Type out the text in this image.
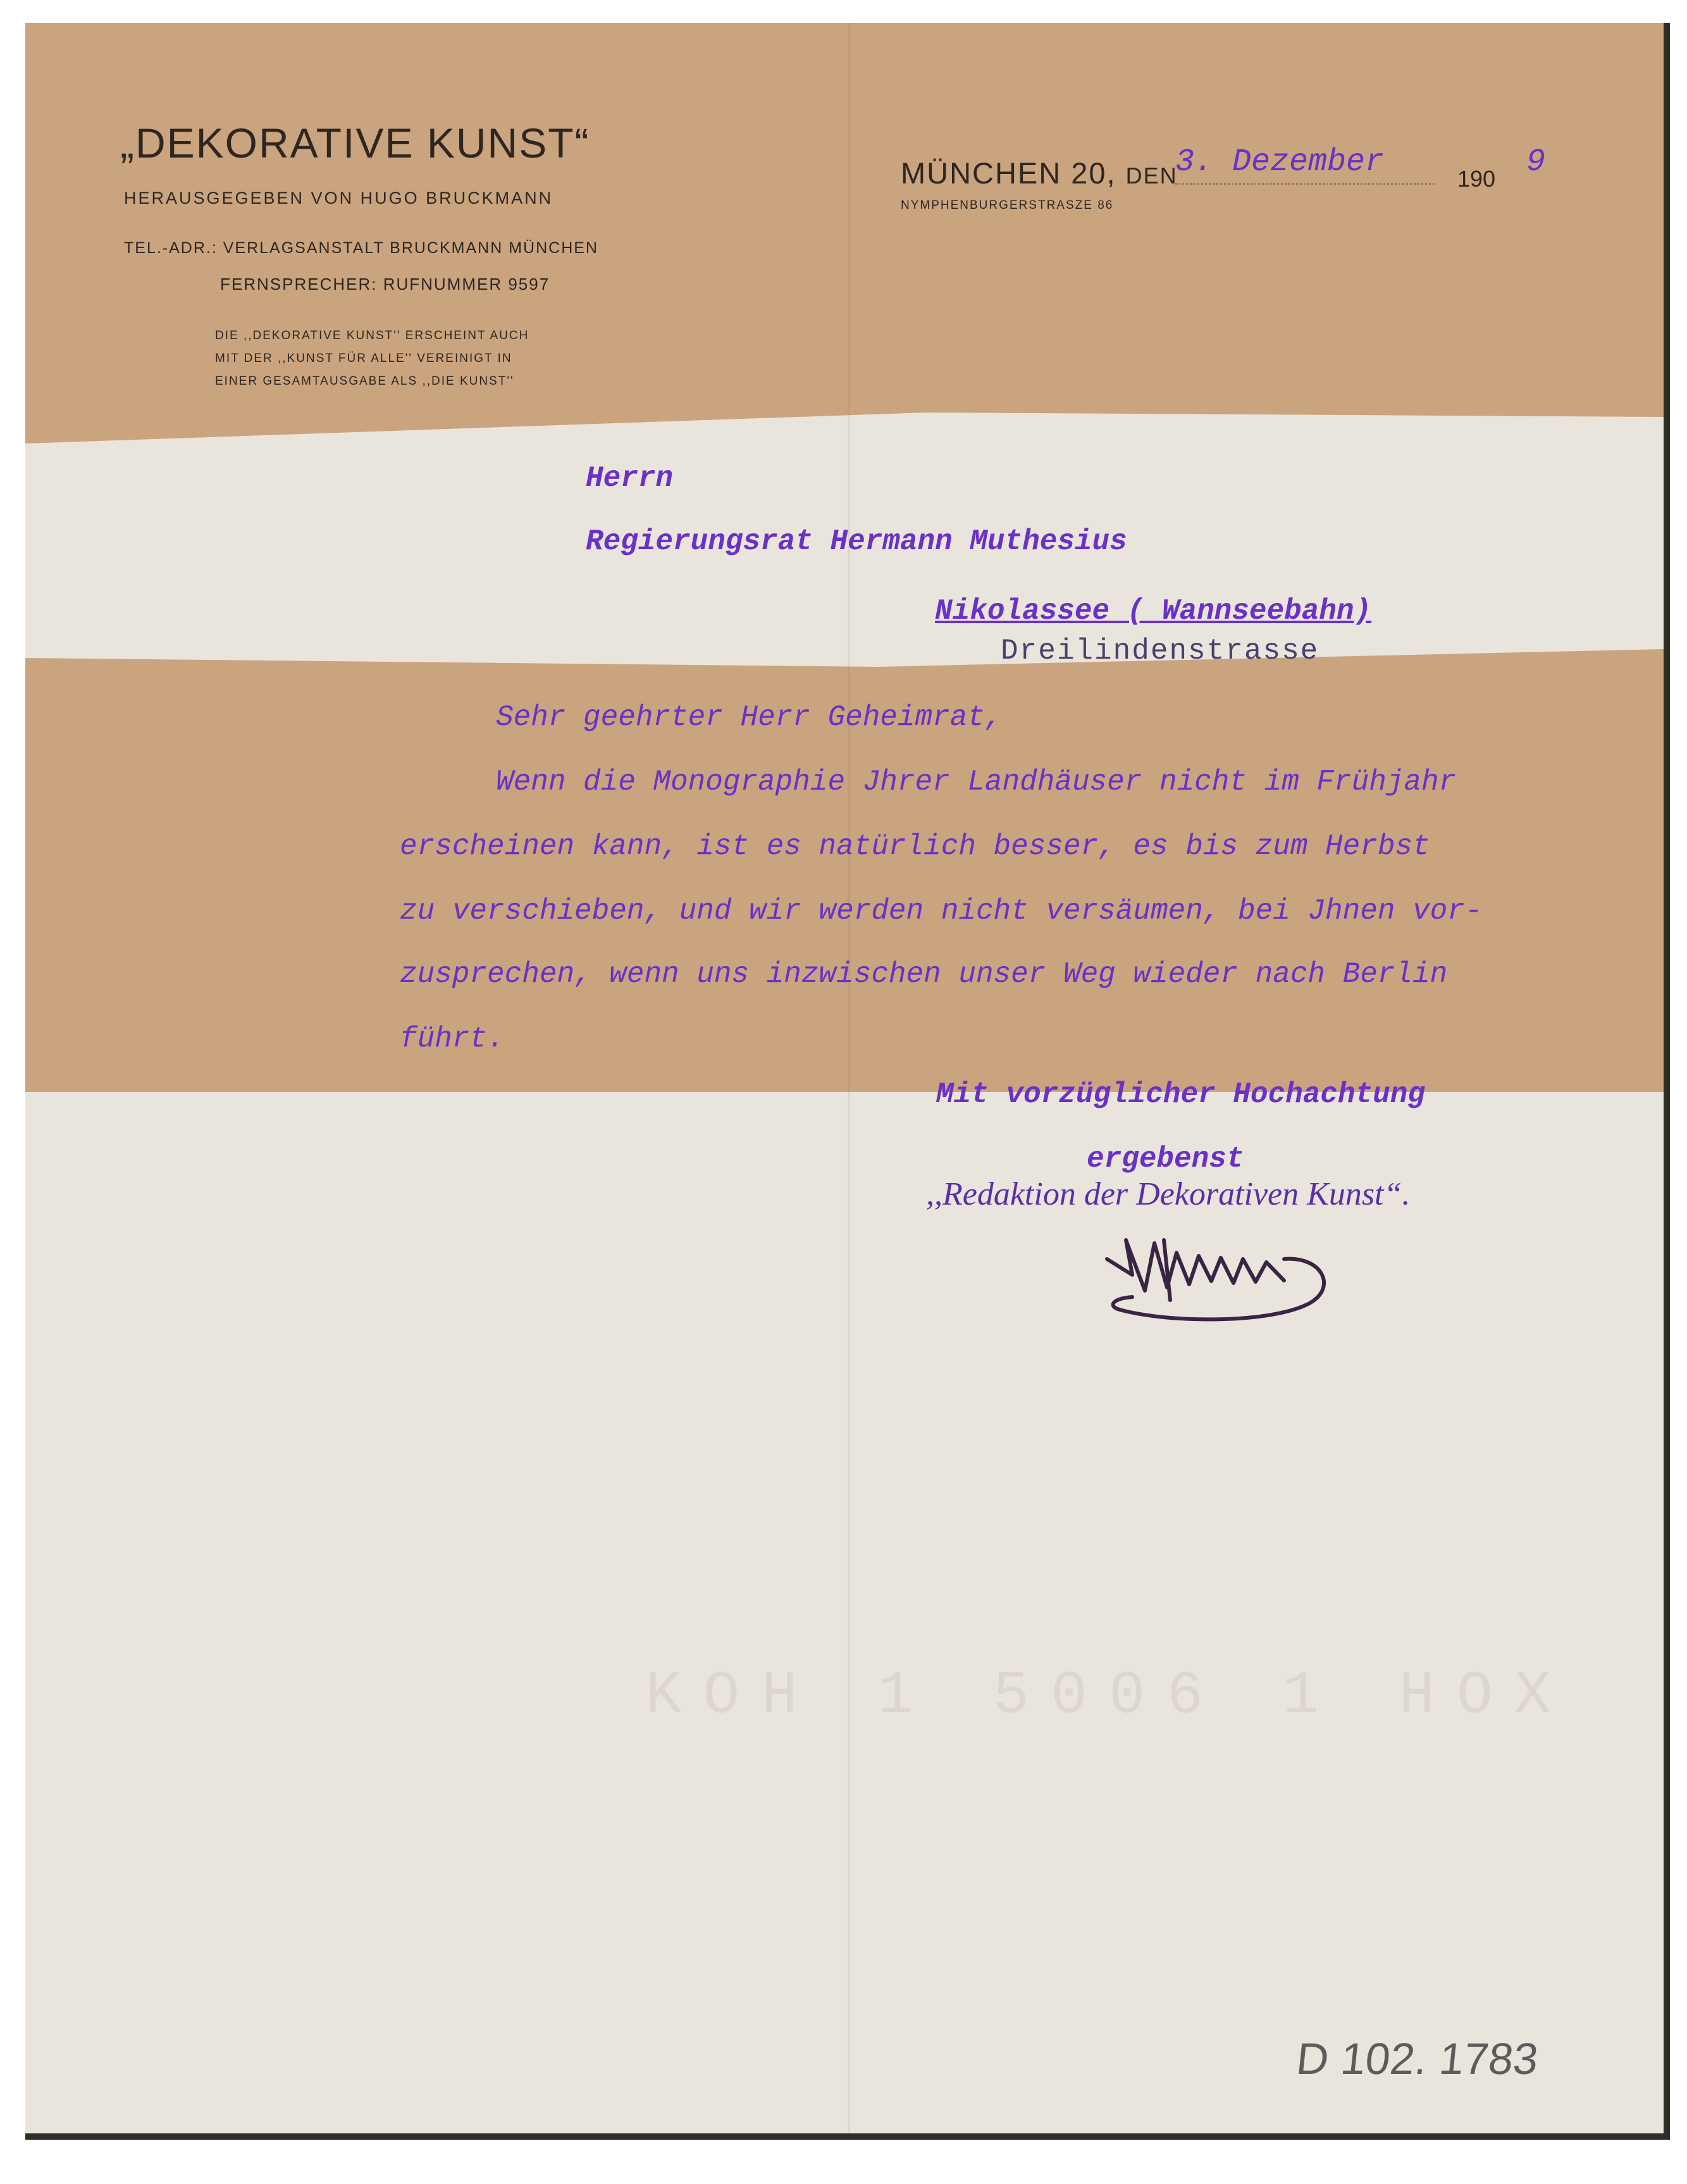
KOH 1 5006 1 HOX
„DEKORATIVE KUNST“
HERAUSGEGEBEN VON HUGO BRUCKMANN
TEL.-ADR.: VERLAGSANSTALT BRUCKMANN MÜNCHEN
FERNSPRECHER: RUFNUMMER 9597
DIE ,,DEKORATIVE KUNST'' ERSCHEINT AUCH
MIT DER ,,KUNST FÜR ALLE'' VEREINIGT IN
EINER GESAMTAUSGABE ALS ,,DIE KUNST''
MÜNCHEN 20, DEN
NYMPHENBURGERSTRASZE 86
190
3. Dezember	9
Herrn
Regierungsrat Hermann Muthesius
Nikolassee ( Wannseebahn)
Dreilindenstrasse
Sehr geehrter Herr Geheimrat,
Wenn die Monographie Jhrer Landhäuser nicht im Frühjahr
erscheinen kann, ist es natürlich besser, es bis zum Herbst
zu verschieben, und wir werden nicht versäumen, bei Jhnen vor-
zusprechen, wenn uns inzwischen unser Weg wieder nach Berlin
führt.
Mit vorzüglicher Hochachtung
ergebenst
,,Redaktion der Dekorativen Kunst“.
D 102. 1783
